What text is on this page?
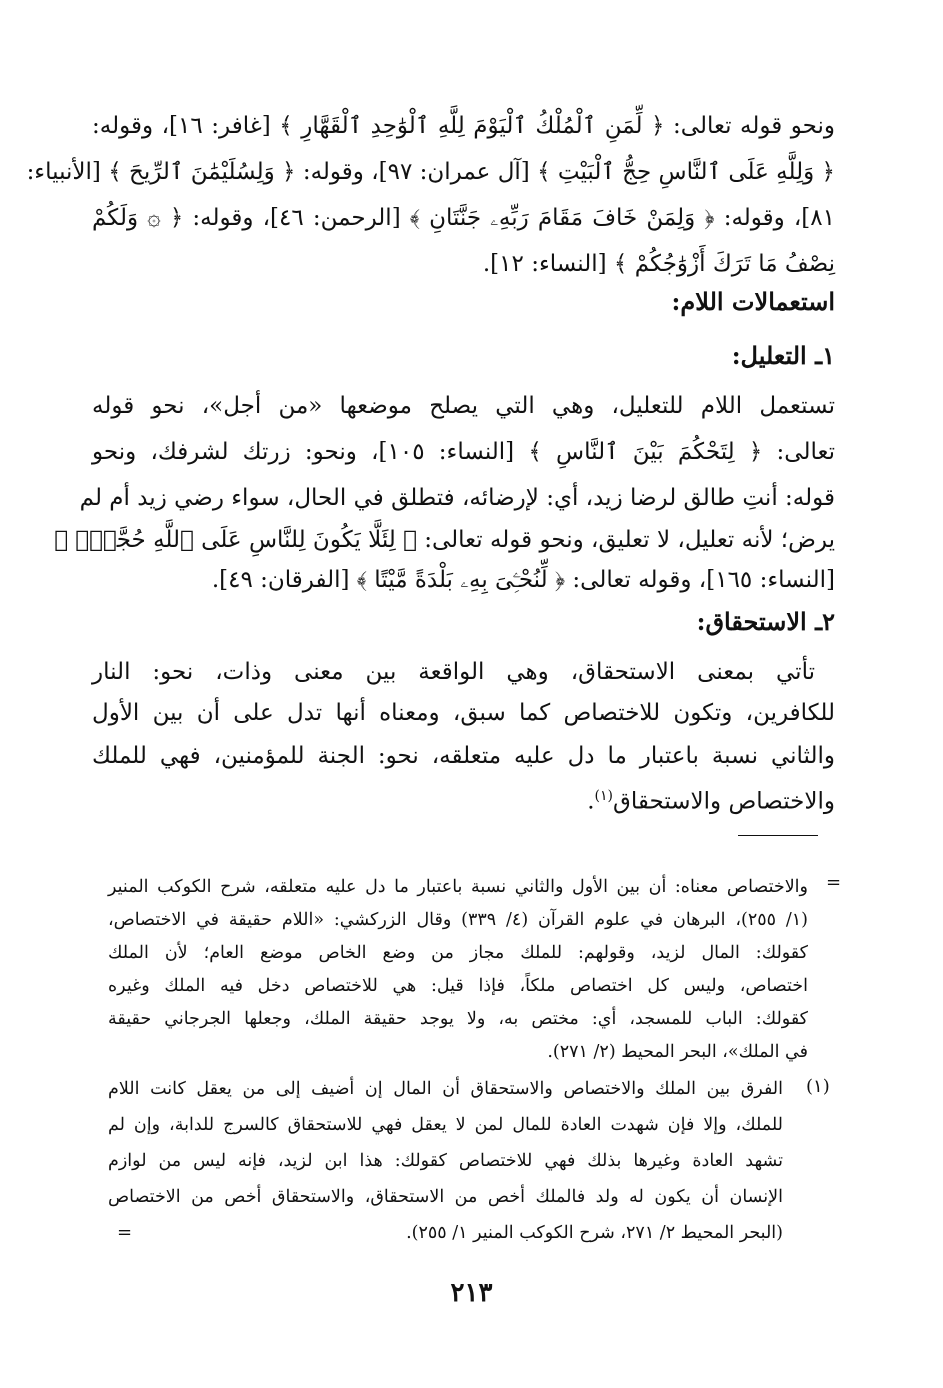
ونحو قوله تعالى: ﴿ لِّمَنِ ٱلْمُلْكُ ٱلْيَوْمَ لِلَّهِ ٱلْوَٰحِدِ ٱلْقَهَّارِ ﴾ [غافر: ١٦]، وقوله:
﴿ وَلِلَّهِ عَلَى ٱلنَّاسِ حِجُّ ٱلْبَيْتِ ﴾ [آل عمران: ٩٧]، وقوله: ﴿ وَلِسُلَيْمَٰنَ ٱلرِّيحَ ﴾ [الأنبياء:
٨١]، وقوله: ﴿ وَلِمَنْ خَافَ مَقَامَ رَبِّهِۦ جَنَّتَانِ ﴾ [الرحمن: ٤٦]، وقوله: ﴿ ۞ وَلَكُمْ
نِصْفُ مَا تَرَكَ أَزْوَٰجُكُمْ ﴾ [النساء: ١٢].
استعمالات اللام:
١ـ التعليل:
تستعمل اللام للتعليل، وهي التي يصلح موضعها «من أجل»، نحو قوله
تعالى: ﴿ لِتَحْكُمَ بَيْنَ ٱلنَّاسِ ﴾ [النساء: ١٠٥]، ونحو: زرتك لشرفك، ونحو
قوله: أنتِ طالق لرضا زيد، أي: لإرضائه، فتطلق في الحال، سواء رضي زيد أم لم
يرض؛ لأنه تعليل، لا تعليق، ونحو قوله تعالى: ﴿ لِئَلَّا يَكُونَ لِلنَّاسِ عَلَى ٱللَّهِ حُجَّةٌۢ ﴾
[النساء: ١٦٥]، وقوله تعالى: ﴿ لِّنُحْـِۧىَ بِهِۦ بَلْدَةً مَّيْتًا ﴾ [الفرقان: ٤٩].
٢ـ الاستحقاق:
تأتي بمعنى الاستحقاق، وهي الواقعة بين معنى وذات، نحو: النار
للكافرين، وتكون للاختصاص كما سبق، ومعناه أنها تدل على أن بين الأول
والثاني نسبة باعتبار ما دل عليه متعلقه، نحو: الجنة للمؤمنين، فهي للملك
والاختصاص والاستحقاق$^{(١)}$.
=
والاختصاص معناه: أن بين الأول والثاني نسبة باعتبار ما دل عليه متعلقه، شرح الكوكب المنير
(١/ ٢٥٥)، البرهان في علوم القرآن (٤/ ٣٣٩) وقال الزركشي: «اللام حقيقة في الاختصاص،
كقولك: المال لزيد، وقولهم: للملك مجاز من وضع الخاص موضع العام؛ لأن الملك
اختصاص، وليس كل اختصاص ملكاً، فإذا قيل: هي للاختصاص دخل فيه الملك وغيره
كقولك: الباب للمسجد، أي: مختص به، ولا يوجد حقيقة الملك، وجعلها الجرجاني حقيقة
في الملك»، البحر المحيط (٢/ ٢٧١).
(١)
الفرق بين الملك والاختصاص والاستحقاق أن المال إن أضيف إلى من يعقل كانت اللام
للملك، وإلا فإن شهدت العادة للمال لمن لا يعقل فهي للاستحقاق كالسرج للدابة، وإن لم
تشهد العادة وغيرها بذلك فهي للاختصاص كقولك: هذا ابن لزيد، فإنه ليس من لوازم
الإنسان أن يكون له ولد فالملك أخص من الاستحقاق، والاستحقاق أخص من الاختصاص
(البحر المحيط ٢/ ٢٧١، شرح الكوكب المنير ١/ ٢٥٥).
=
٢١٣
